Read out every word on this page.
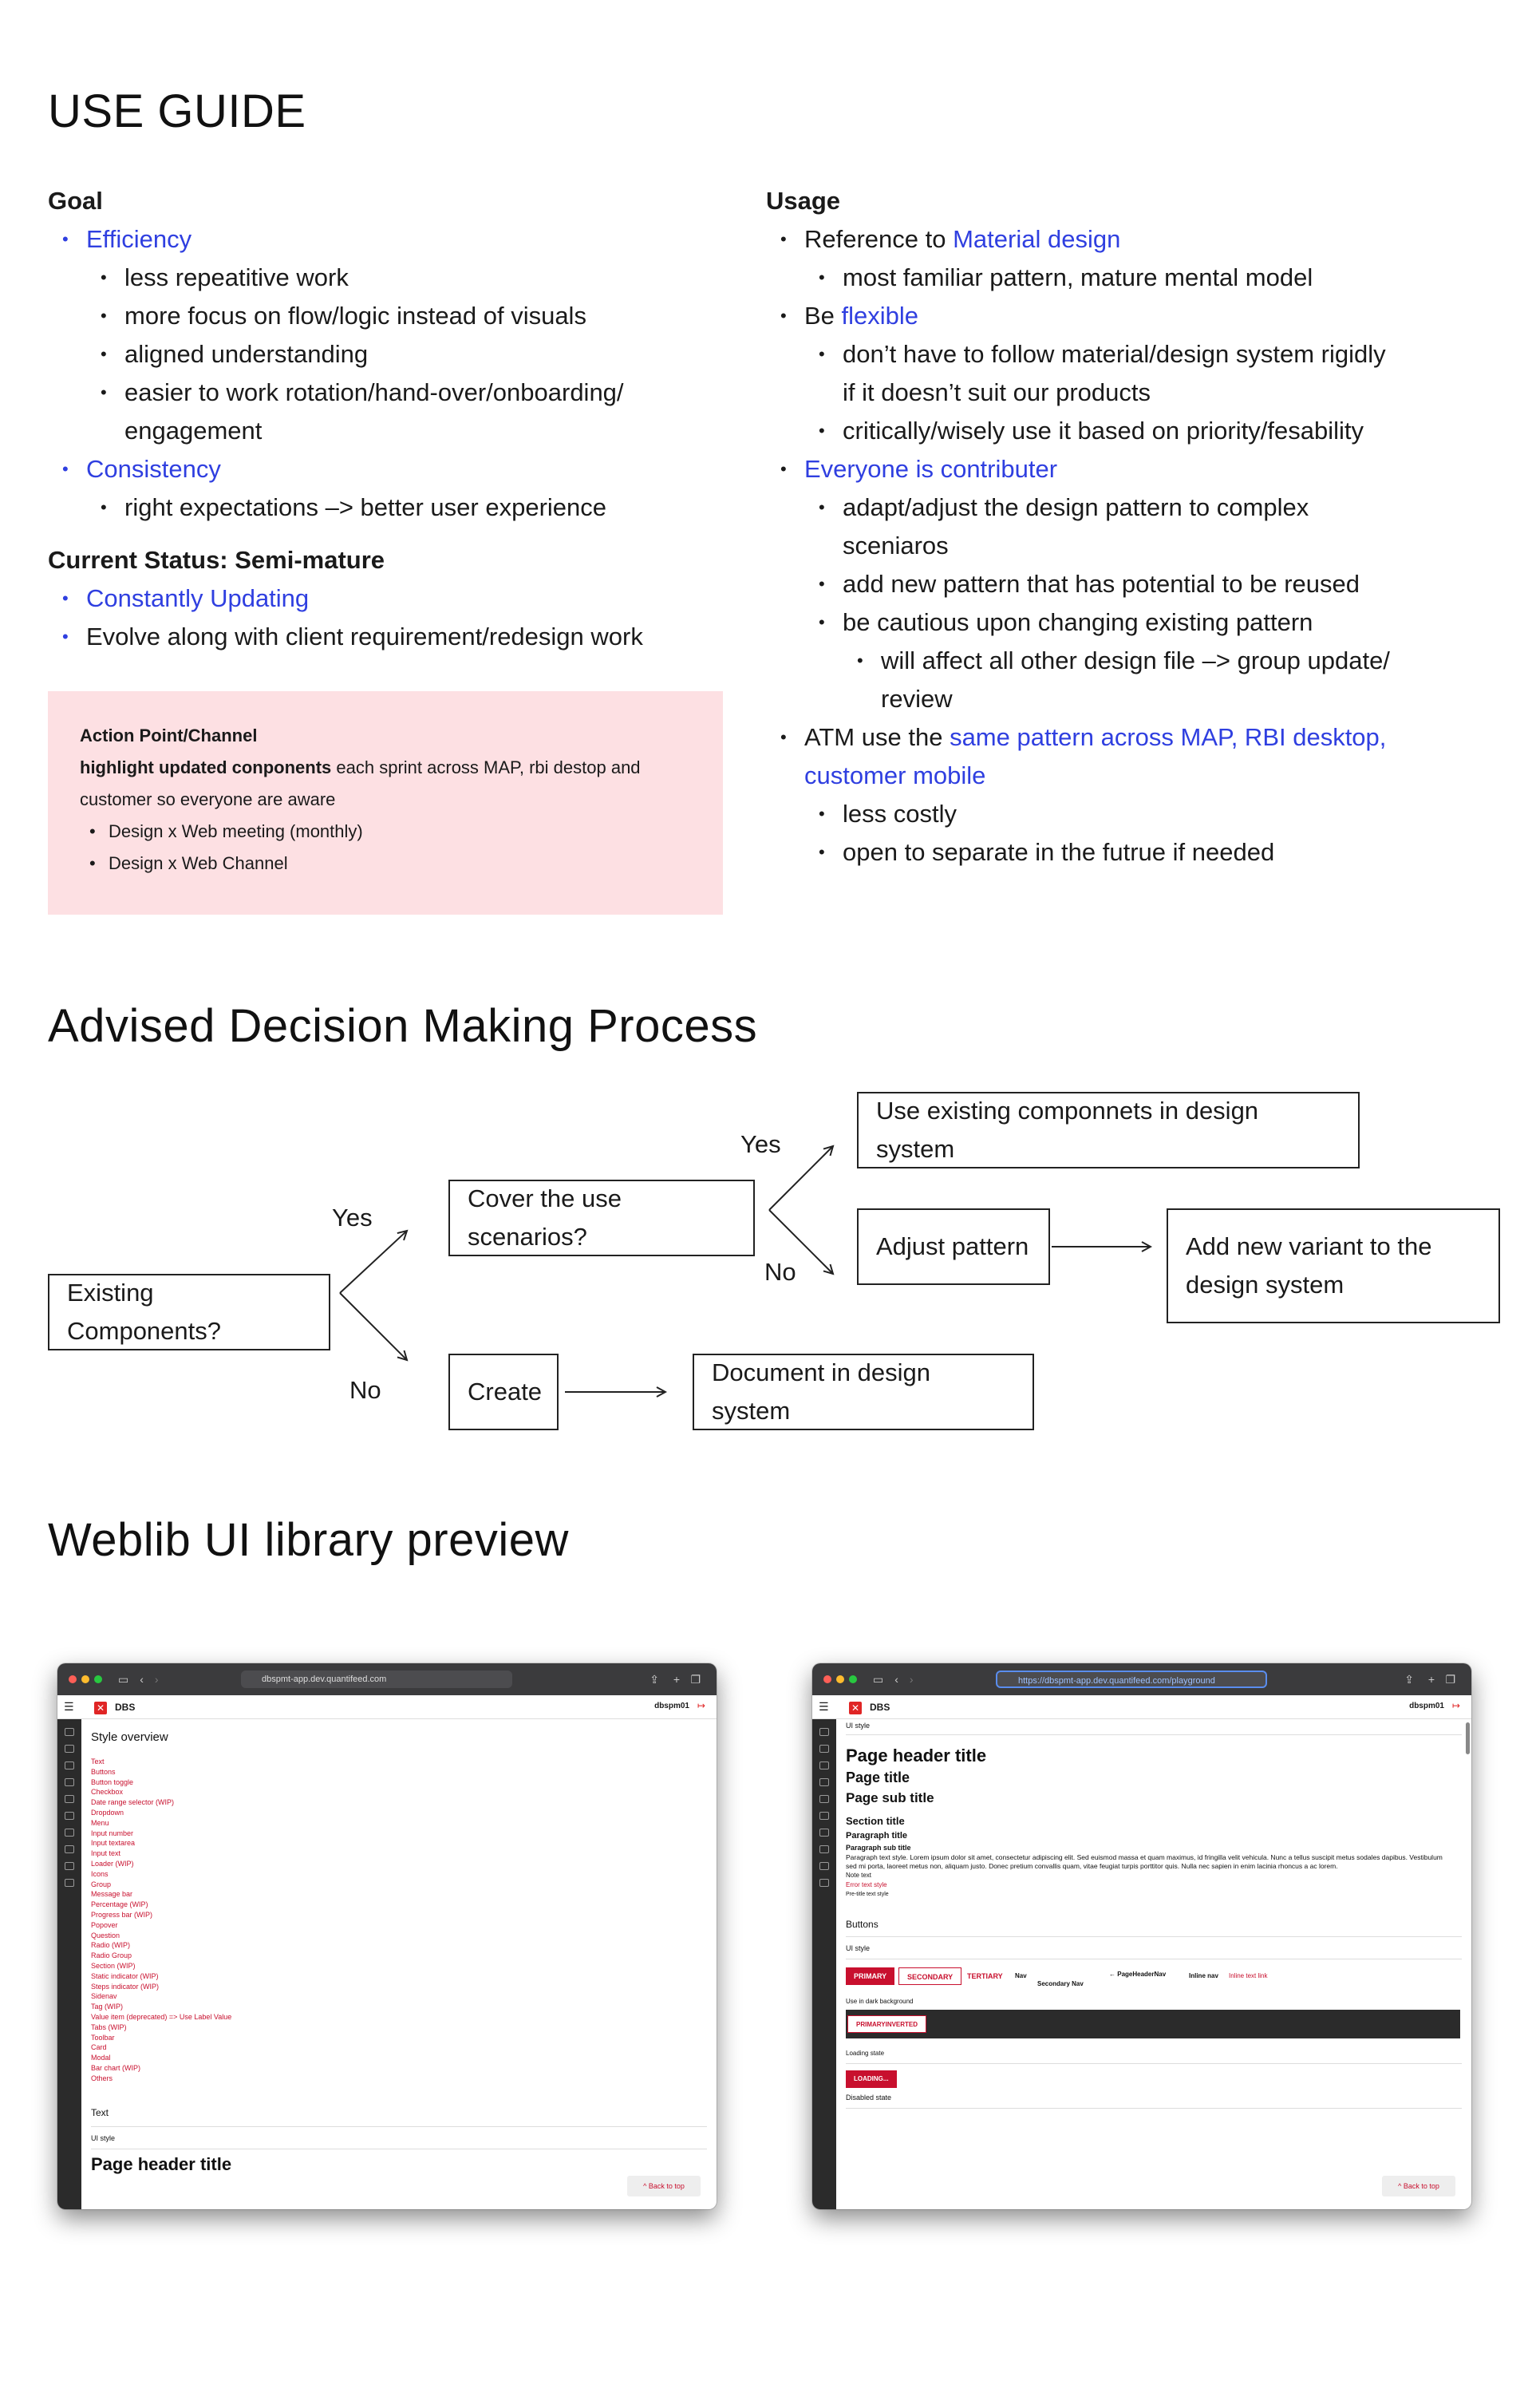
USE GUIDE
Goal
• Efficiency
• less repeatitive work
• more focus on flow/logic instead of visuals
• aligned understanding
• easier to work rotation/hand-over/onboarding/
engagement
• Consistency
• right expectations –> better user experience
Current Status: Semi-mature
• Constantly Updating
• Evolve along with client requirement/redesign work
Action Point/Channel
highlight updated conponents each sprint across MAP, rbi destop and
customer so everyone are aware
• Design x Web meeting (monthly)
• Design x Web Channel
Usage
• Reference to Material design
• most familiar pattern, mature mental model
• Be flexible
• don’t have to follow material/design system rigidly
if it doesn’t suit our products
• critically/wisely use it based on priority/fesability
• Everyone is contributer
• adapt/adjust the design pattern to complex
sceniaros
• add new pattern that has potential to be reused
• be cautious upon changing existing pattern
• will affect all other design file –> group update/
review
• ATM use the same pattern across MAP, RBI desktop,
customer mobile
• less costly
• open to separate in the futrue if needed
Advised Decision Making Process
Existing Components?
Cover the use scenarios?
Use existing componnets in design system
Adjust pattern	Add new variant to the
design system
Create
Document in design system
Yes
No
Yes
No
Weblib UI library preview
▭ ‹ ›	dbspmt-app.dev.quantifeed.com	⇪ + ❐
☰ ✕ DBS	dbspm01 ↦
Style overview
Text
Buttons
Button toggle
Checkbox
Date range selector (WIP)
Dropdown
Menu
Input number
Input textarea
Input text
Loader (WIP)
Icons
Group
Message bar
Percentage (WIP)
Progress bar (WIP)
Popover
Question
Radio (WIP)
Radio Group
Section (WIP)
Static indicator (WIP)
Steps indicator (WIP)
Sidenav
Tag (WIP)
Value item (deprecated) => Use Label Value
Tabs (WIP)
Toolbar
Card
Modal
Bar chart (WIP)
Others
Text
UI style
Page header title
^ Back to top
▭ ‹ ›	https://dbspmt-app.dev.quantifeed.com/playground	⇪ + ❐
☰ ✕ DBS	dbspm01 ↦
UI style
Page header title
Page title
Page sub title
Section title
Paragraph title
Paragraph sub title
Paragraph text style. Lorem ipsum dolor sit amet, consectetur adipiscing elit. Sed euismod massa et quam maximus, id fringilla velit vehicula. Nunc a tellus suscipit metus sodales dapibus. Vestibulum sed mi porta, laoreet metus non, aliquam justo. Donec pretium convallis quam, vitae feugiat turpis porttitor quis. Nulla nec sapien in enim lacinia rhoncus a ac lorem.
Note text
Error text style
Pre-title text style
Buttons
UI style
PRIMARY	SECONDARY	TERTIARY	Nav
Secondary Nav
← PageHeaderNav	Inline nav	Inline text link
Use in dark background
PRIMARYINVERTED
Loading state
LOADING...
Disabled state
^ Back to top
